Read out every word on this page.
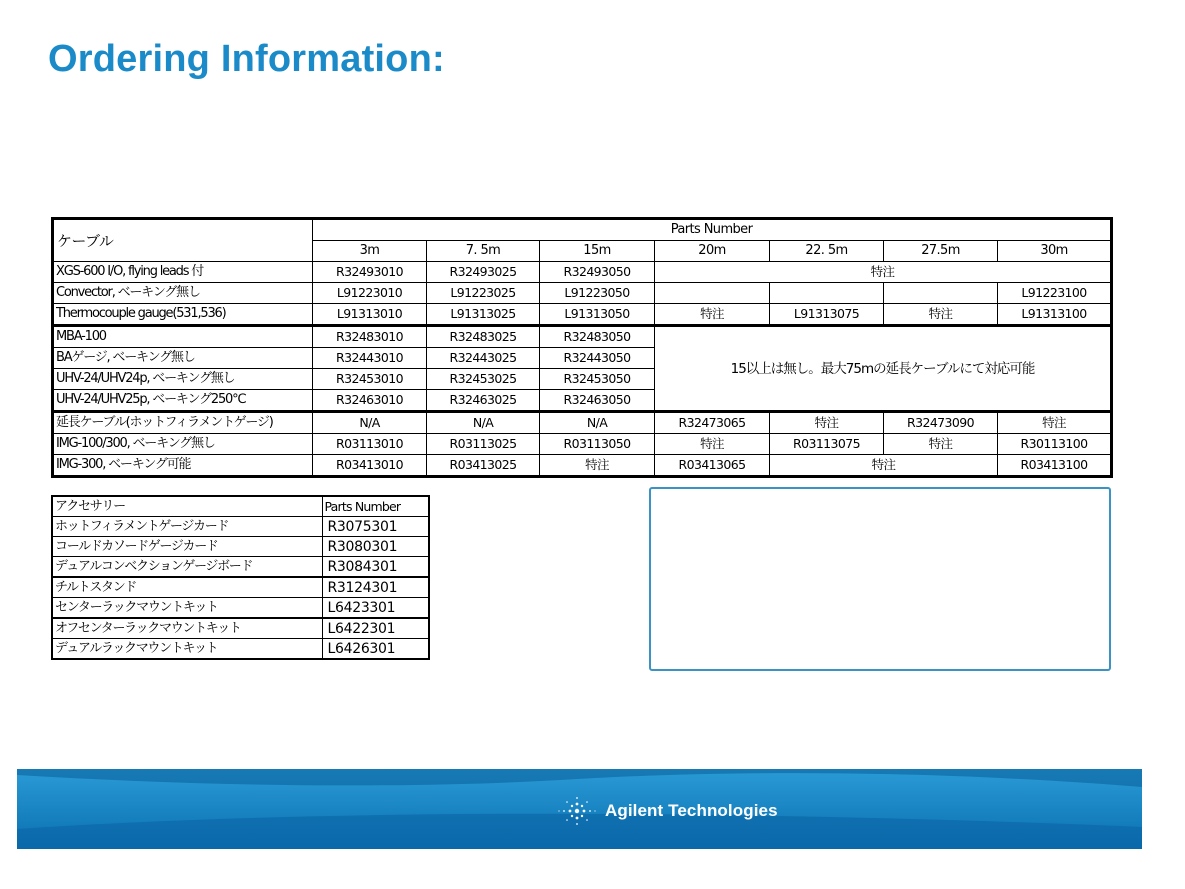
Ordering Information:
ケーブル	Parts Number						
	3m	7. 5m	15m	20m	22. 5m	27.5m	30m
XGS-600 I/O, flying leads 付	R32493010	R32493025	R32493050	特注			
Convector, ベーキング無し	L91223010	L91223025	L91223050				L91223100
Thermocouple gauge(531,536)	L91313010	L91313025	L91313050	特注	L91313075	特注	L91313100
MBA-100	R32483010	R32483025	R32483050	15以上は無し。最大75mの延長ケーブルにて対応可能			
BAゲージ, ベーキング無し	R32443010	R32443025	R32443050				
UHV-24/UHV24p, ベーキング無し	R32453010	R32453025	R32453050				
UHV-24/UHV25p, ベーキング250℃	R32463010	R32463025	R32463050				
延長ケーブル(ホットフィラメントゲージ)	N/A	N/A	N/A	R32473065	特注	R32473090	特注
IMG-100/300, ベーキング無し	R03113010	R03113025	R03113050	特注	R03113075	特注	R30113100
IMG-300, ベーキング可能	R03413010	R03413025	特注	R03413065	特注		R03413100
アクセサリー	Parts Number
ホットフィラメントゲージカード	R3075301
コールドカソードゲージカード	R3080301
デュアルコンベクションゲージボード	R3084301
チルトスタンド	R3124301
センターラックマウントキット	L6423301
オフセンターラックマウントキット	L6422301
デュアルラックマウントキット	L6426301
Agilent Technologies
